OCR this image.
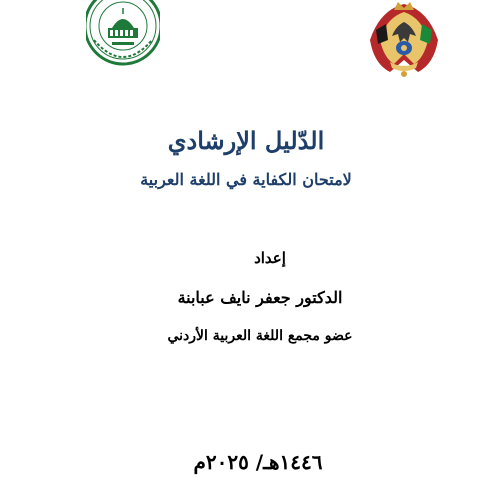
الدّليل الإرشادي
لامتحان الكفاية في اللغة العربية
إعداد
الدكتور جعفر نايف عبابنة
عضو مجمع اللغة العربية الأردني
١٤٤٦هـ/ ٢٠٢٥م
